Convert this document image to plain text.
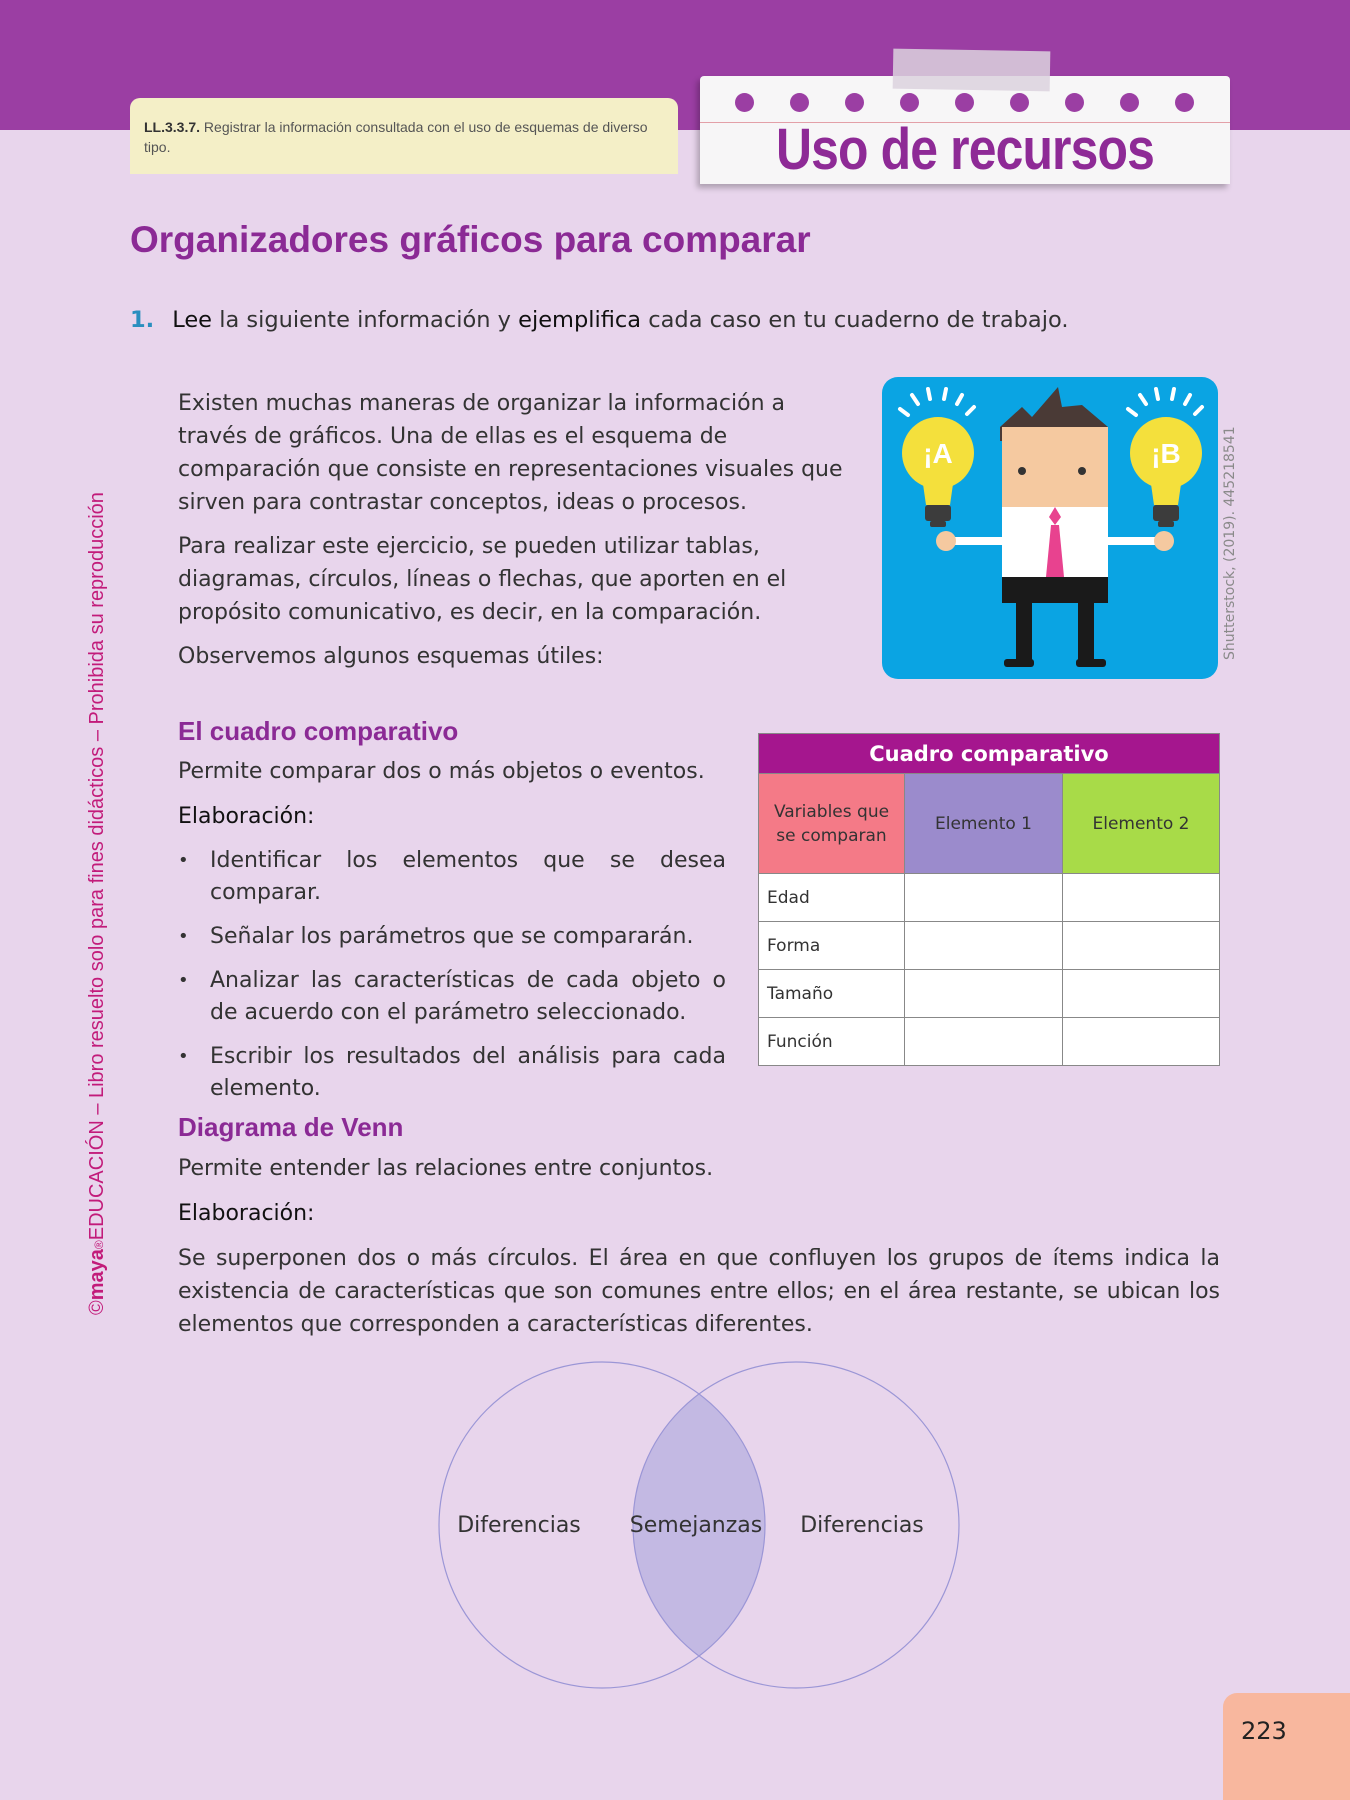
LL.3.3.7. Registrar la información consultada con el uso de esquemas de diverso tipo.	Uso de recursos
Organizadores gráficos para comparar
1. Lee la siguiente información y ejemplifica cada caso en tu cuaderno de trabajo.

Existen muchas maneras de organizar la información a través de gráficos. Una de ellas es el esquema de comparación que consiste en representaciones visuales que sirven para contrastar conceptos, ideas o procesos.

Para realizar este ejercicio, se pueden utilizar tablas, diagramas, círculos, líneas o flechas, que aporten en el propósito comunicativo, es decir, en la comparación.

Observemos algunos esquemas útiles:

¡A	¡B	Shutterstock, (2019). 445218541
El cuadro comparativo

Permite comparar dos o más objetos o eventos.

Elaboración:

• Identificar los elementos que se desea comparar.
• Señalar los parámetros que se compararán.
• Analizar las características de cada objeto o de acuerdo con el parámetro seleccionado.
• Escribir los resultados del análisis para cada elemento.
Cuadro comparativo		
Variables que se comparan	Elemento 1	Elemento 2
Edad		
Forma		
Tamaño		
Función		
Diagrama de Venn

Permite entender las relaciones entre conjuntos.

Elaboración:

Se superponen dos o más círculos. El área en que confluyen los grupos de ítems indica la existencia de características que son comunes entre ellos; en el área restante, se ubican los elementos que corresponden a características diferentes.

Diferencias Semejanzas Diferencias
©maya®EDUCACIÓN – Libro resuelto solo para fines didácticos – Prohibida su reproducción
223
